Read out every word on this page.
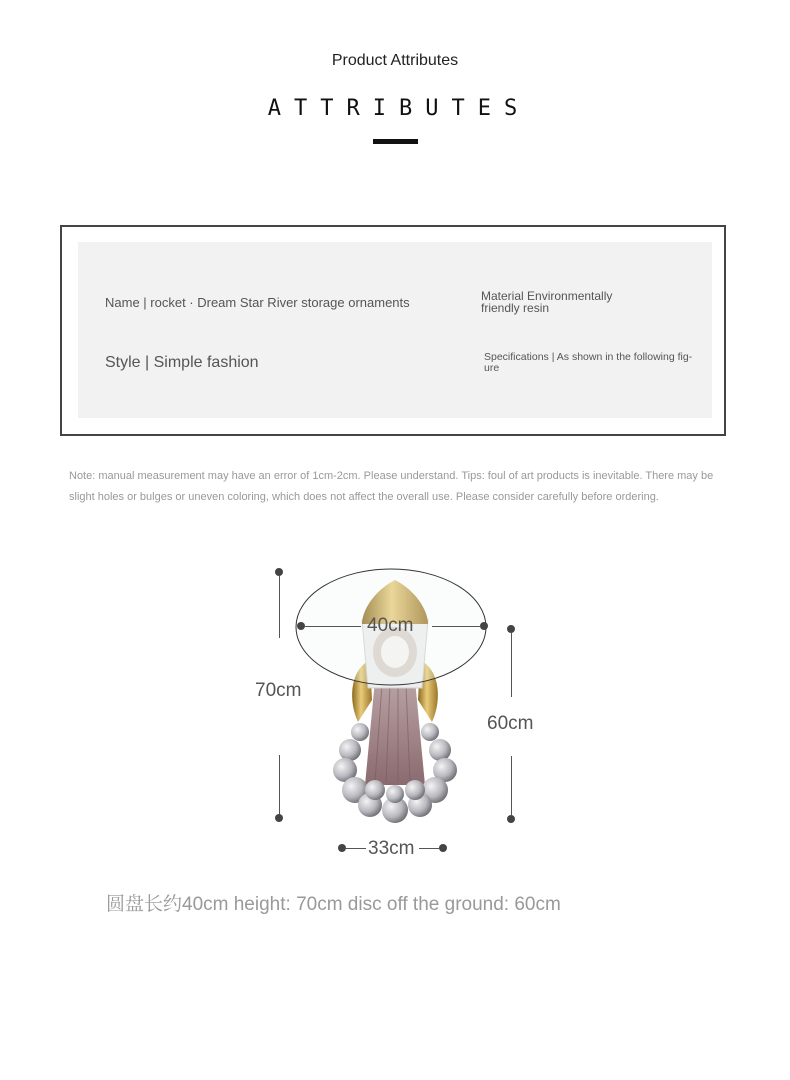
Product Attributes
ATTRIBUTES
Name | rocket · Dream Star River storage ornaments	Material Environmentally
friendly resin
Style | Simple fashion	Specifications | As shown in the following fig-
ure
Note: manual measurement may have an error of 1cm-2cm. Please understand. Tips: foul of art products is inevitable. There may be slight holes or bulges or uneven coloring, which does not affect the overall use. Please consider carefully before ordering.
70cm
40cm
60cm
33cm
圆盘长约40cm height: 70cm disc off the ground: 60cm
